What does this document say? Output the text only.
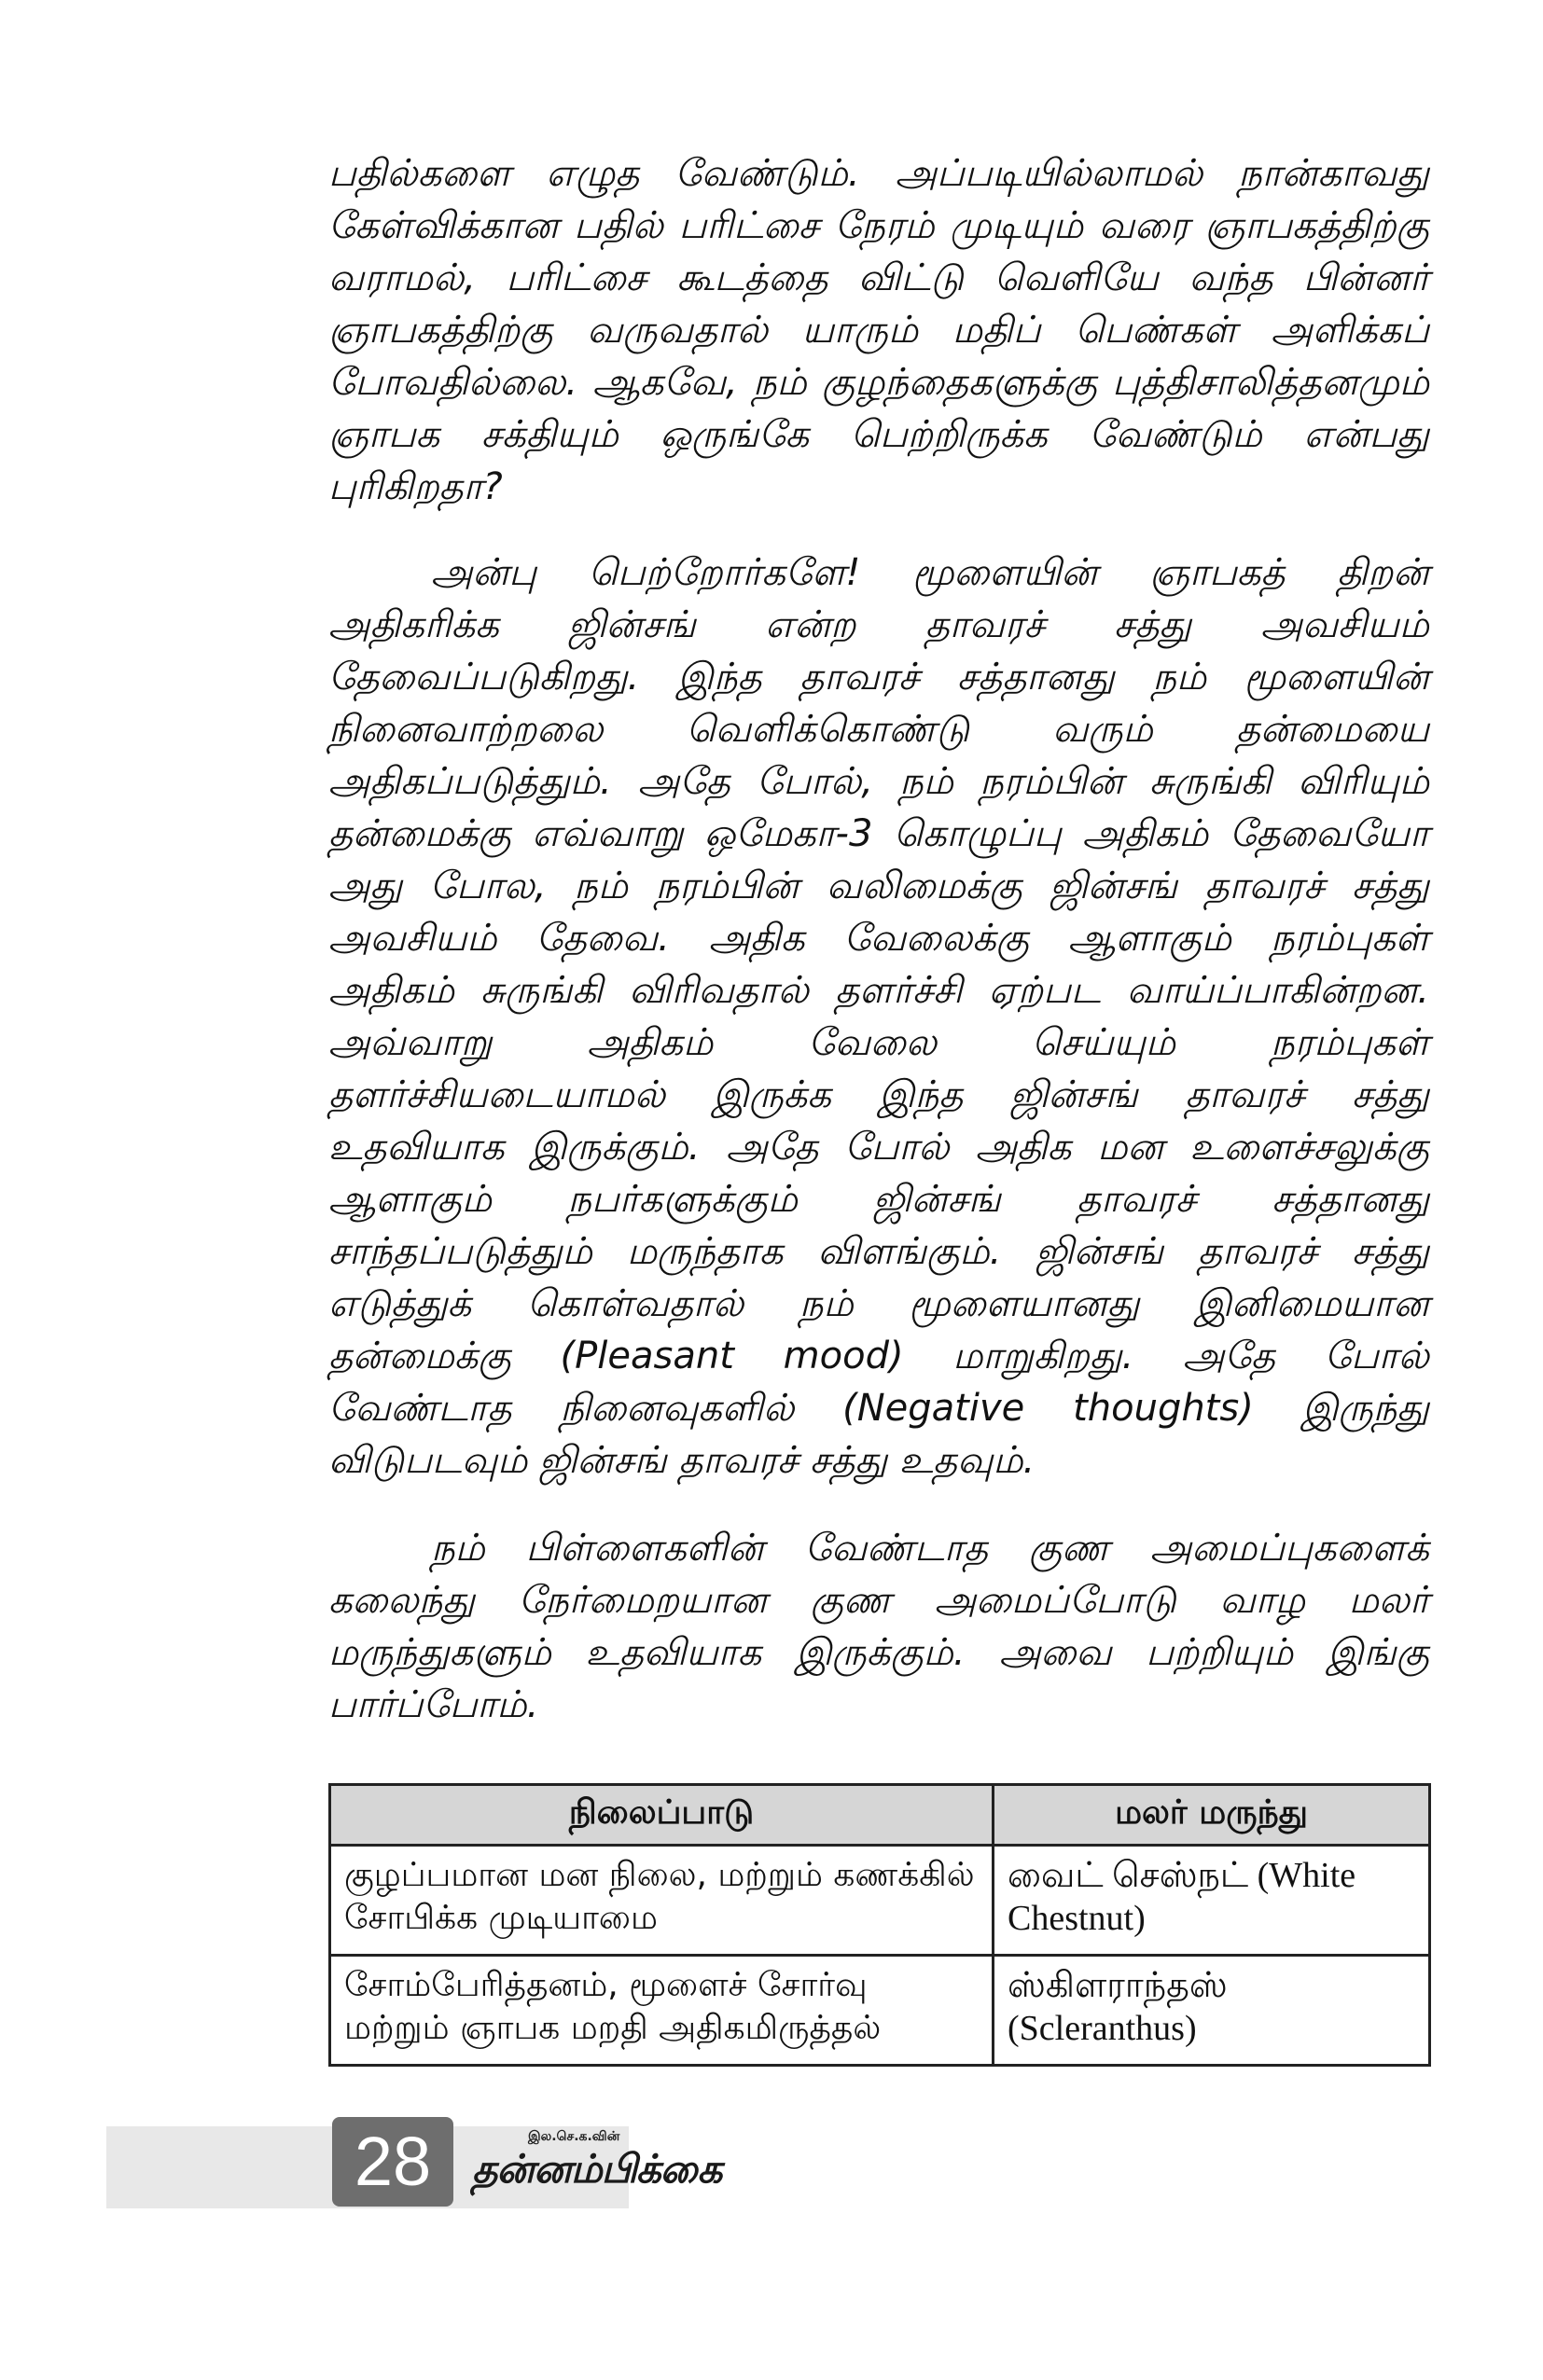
பதில்களை எழுத வேண்டும். அப்படியில்லாமல் நான்காவது கேள்விக்கான பதில் பரிட்சை நேரம் முடியும் வரை ஞாபகத்திற்கு வராமல், பரிட்சை கூடத்தை விட்டு வெளியே வந்த பின்னர் ஞாபகத்திற்கு வருவதால் யாரும் மதிப் பெண்கள் அளிக்கப் போவதில்லை. ஆகவே, நம் குழந்தைகளுக்கு புத்திசாலித்தனமும் ஞாபக சக்தியும் ஒருங்கே பெற்றிருக்க வேண்டும் என்பது புரிகிறதா?

அன்பு பெற்றோர்களே! மூளையின் ஞாபகத் திறன் அதிகரிக்க ஜின்சங் என்ற தாவரச் சத்து அவசியம் தேவைப்படுகிறது. இந்த தாவரச் சத்தானது நம் மூளையின் நினைவாற்றலை வெளிக்கொண்டு வரும் தன்மையை அதிகப்படுத்தும். அதே போல், நம் நரம்பின் சுருங்கி விரியும் தன்மைக்கு எவ்வாறு ஒமேகா-3 கொழுப்பு அதிகம் தேவையோ அது போல, நம் நரம்பின் வலிமைக்கு ஜின்சங் தாவரச் சத்து அவசியம் தேவை. அதிக வேலைக்கு ஆளாகும் நரம்புகள் அதிகம் சுருங்கி விரிவதால் தளர்ச்சி ஏற்பட வாய்ப்பாகின்றன. அவ்வாறு அதிகம் வேலை செய்யும் நரம்புகள் தளர்ச்சியடையாமல் இருக்க இந்த ஜின்சங் தாவரச் சத்து உதவியாக இருக்கும். அதே போல் அதிக மன உளைச்சலுக்கு ஆளாகும் நபர்களுக்கும் ஜின்சங் தாவரச் சத்தானது சாந்தப்படுத்தும் மருந்தாக விளங்கும். ஜின்சங் தாவரச் சத்து எடுத்துக் கொள்வதால் நம் மூளையானது இனிமையான தன்மைக்கு (Pleasant mood) மாறுகிறது. அதே போல் வேண்டாத நினைவுகளில் (Negative thoughts) இருந்து விடுபடவும் ஜின்சங் தாவரச் சத்து உதவும்.

நம் பிள்ளைகளின் வேண்டாத குண அமைப்புகளைக் கலைந்து நேர்மைறயான குண அமைப்போடு வாழ மலர் மருந்துகளும் உதவியாக இருக்கும். அவை பற்றியும் இங்கு பார்ப்போம்.

நிலைப்பாடு	மலர் மருந்து
குழப்பமான மன நிலை, மற்றும் கணக்கில் சோபிக்க முடியாமை	வைட் செஸ்நட் (White Chestnut)
சோம்பேரித்தனம், மூளைச் சோர்வு மற்றும் ஞாபக மறதி அதிகமிருத்தல்	ஸ்கிளராந்தஸ் (Scleranthus)
28	இல.செ.க.வின்
தன்னம்பிக்கை
